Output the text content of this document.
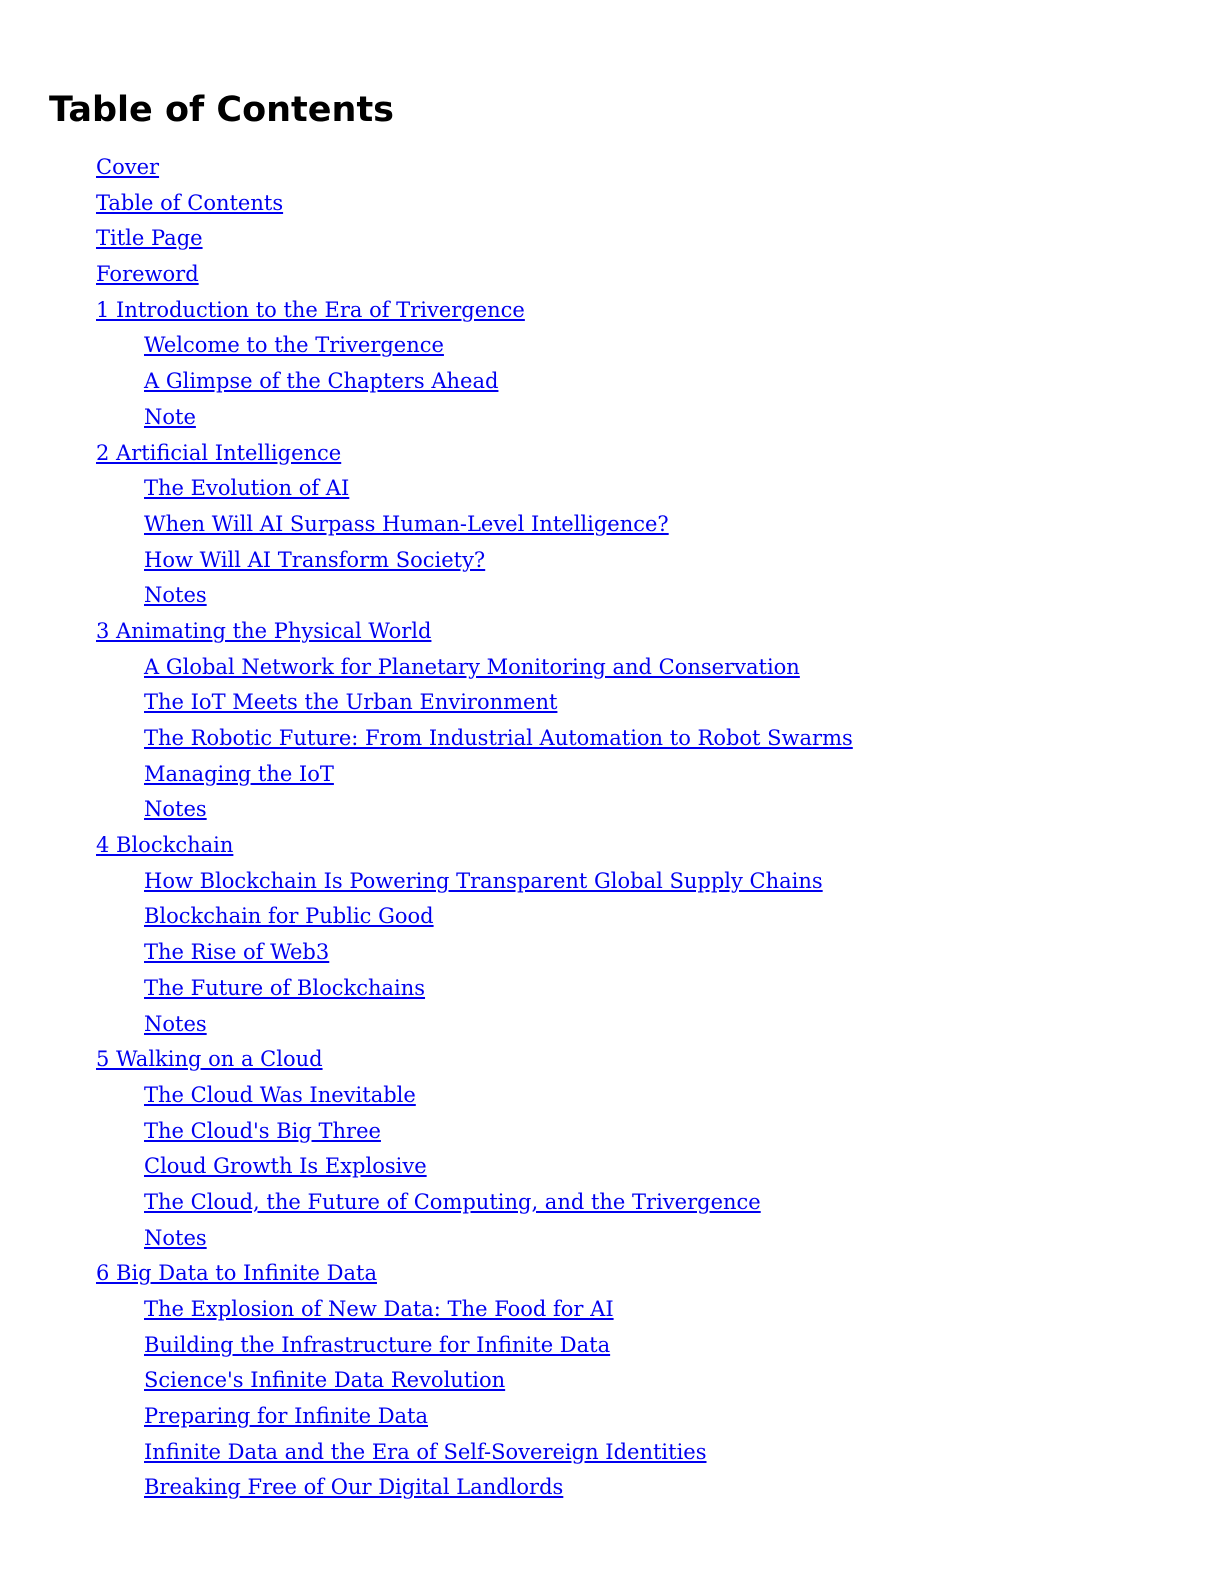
Table of Contents
Cover
Table of Contents
Title Page
Foreword
1 Introduction to the Era of Trivergence
Welcome to the Trivergence
A Glimpse of the Chapters Ahead
Note
2 Artificial Intelligence
The Evolution of AI
When Will AI Surpass Human-Level Intelligence?
How Will AI Transform Society?
Notes
3 Animating the Physical World
A Global Network for Planetary Monitoring and Conservation
The IoT Meets the Urban Environment
The Robotic Future: From Industrial Automation to Robot Swarms
Managing the IoT
Notes
4 Blockchain
How Blockchain Is Powering Transparent Global Supply Chains
Blockchain for Public Good
The Rise of Web3
The Future of Blockchains
Notes
5 Walking on a Cloud
The Cloud Was Inevitable
The Cloud's Big Three
Cloud Growth Is Explosive
The Cloud, the Future of Computing, and the Trivergence
Notes
6 Big Data to Infinite Data
The Explosion of New Data: The Food for AI
Building the Infrastructure for Infinite Data
Science's Infinite Data Revolution
Preparing for Infinite Data
Infinite Data and the Era of Self-Sovereign Identities
Breaking Free of Our Digital Landlords
